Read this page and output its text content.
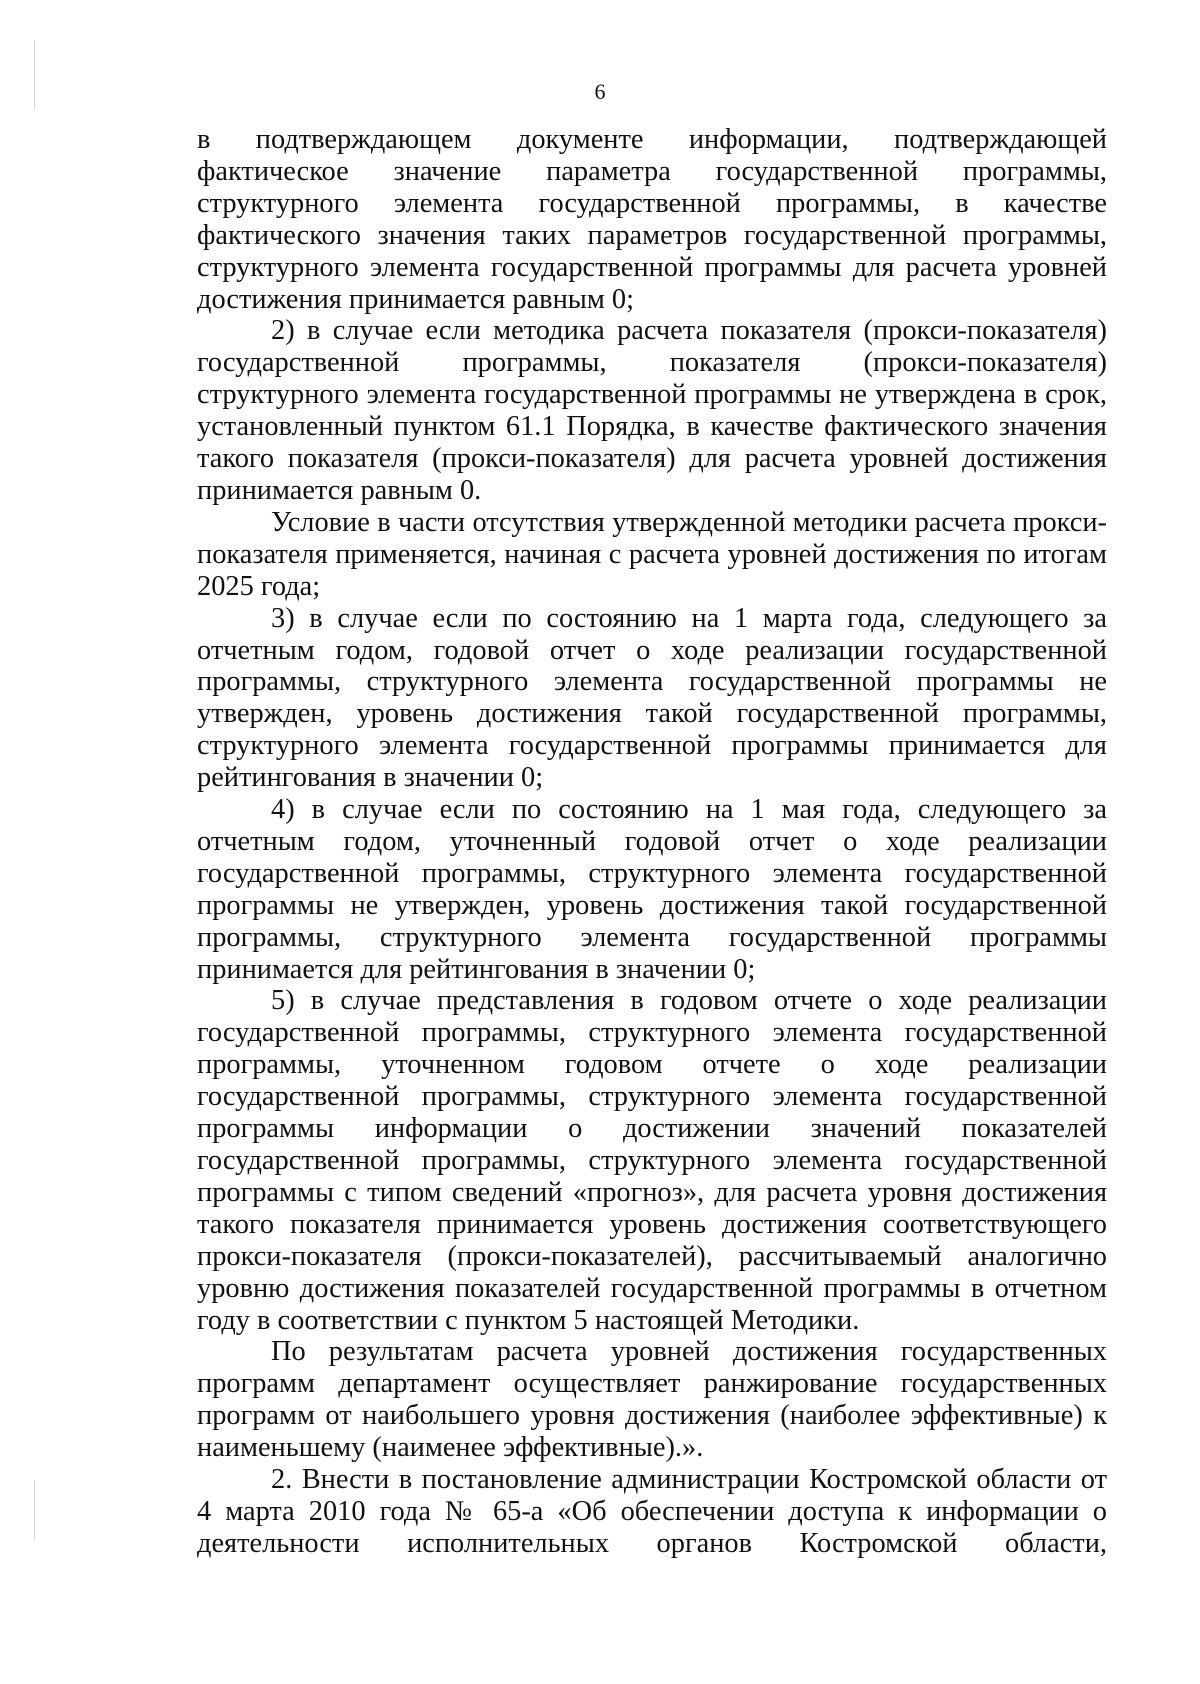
6

в подтверждающем документе информации, подтверждающей фактическое значение параметра государственной программы, структурного элемента государственной программы, в качестве фактического значения таких параметров государственной программы, структурного элемента государственной программы для расчета уровней достижения принимается равным 0;

2) в случае если методика расчета показателя (прокси-показателя) государственной программы, показателя (прокси-показателя) структурного элемента государственной программы не утверждена в срок, установленный пунктом 61.1 Порядка, в качестве фактического значения такого показателя (прокси-показателя) для расчета уровней достижения принимается равным 0.

Условие в части отсутствия утвержденной методики расчета прокси-показателя применяется, начиная с расчета уровней достижения по итогам 2025 года;

3) в случае если по состоянию на 1 марта года, следующего за отчетным годом, годовой отчет о ходе реализации государственной программы, структурного элемента государственной программы не утвержден, уровень достижения такой государственной программы, структурного элемента государственной программы принимается для рейтингования в значении 0;

4) в случае если по состоянию на 1 мая года, следующего за отчетным годом, уточненный годовой отчет о ходе реализации государственной программы, структурного элемента государственной программы не утвержден, уровень достижения такой государственной программы, структурного элемента государственной программы принимается для рейтингования в значении 0;

5) в случае представления в годовом отчете о ходе реализации государственной программы, структурного элемента государственной программы, уточненном годовом отчете о ходе реализации государственной программы, структурного элемента государственной программы информации о достижении значений показателей государственной программы, структурного элемента государственной программы с типом сведений «прогноз», для расчета уровня достижения такого показателя принимается уровень достижения соответствующего прокси-показателя (прокси-показателей), рассчитываемый аналогично уровню достижения показателей государственной программы в отчетном году в соответствии с пунктом 5 настоящей Методики.

По результатам расчета уровней достижения государственных программ департамент осуществляет ранжирование государственных программ от наибольшего уровня достижения (наиболее эффективные) к наименьшему (наименее эффективные).».

2. Внести в постановление администрации Костромской области от 4 марта 2010 года № 65-а «Об обеспечении доступа к информации о деятельности исполнительных органов Костромской области,
